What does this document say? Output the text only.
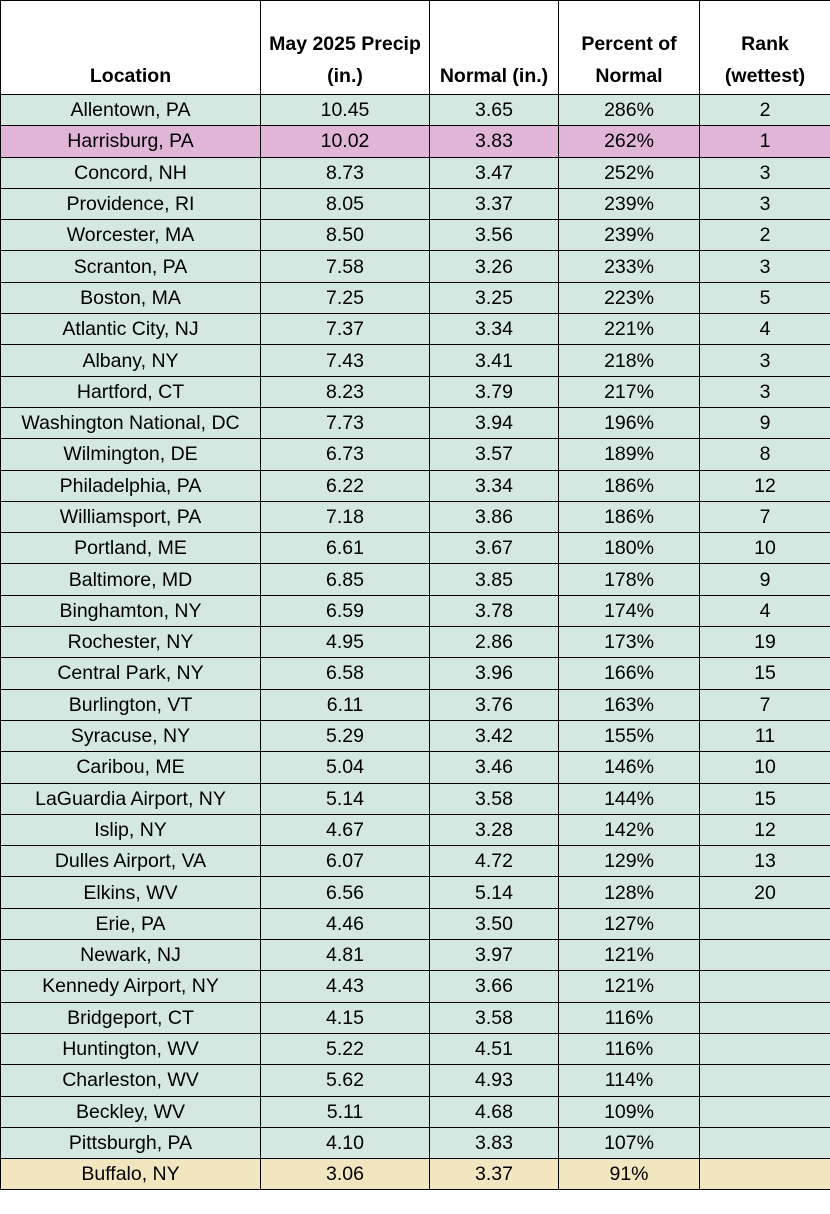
Location	May 2025 Precip (in.)	Normal (in.)	Percent of Normal	Rank (wettest)
Allentown, PA	10.45	3.65	286%	2
Harrisburg, PA	10.02	3.83	262%	1
Concord, NH	8.73	3.47	252%	3
Providence, RI	8.05	3.37	239%	3
Worcester, MA	8.50	3.56	239%	2
Scranton, PA	7.58	3.26	233%	3
Boston, MA	7.25	3.25	223%	5
Atlantic City, NJ	7.37	3.34	221%	4
Albany, NY	7.43	3.41	218%	3
Hartford, CT	8.23	3.79	217%	3
Washington National, DC	7.73	3.94	196%	9
Wilmington, DE	6.73	3.57	189%	8
Philadelphia, PA	6.22	3.34	186%	12
Williamsport, PA	7.18	3.86	186%	7
Portland, ME	6.61	3.67	180%	10
Baltimore, MD	6.85	3.85	178%	9
Binghamton, NY	6.59	3.78	174%	4
Rochester, NY	4.95	2.86	173%	19
Central Park, NY	6.58	3.96	166%	15
Burlington, VT	6.11	3.76	163%	7
Syracuse, NY	5.29	3.42	155%	11
Caribou, ME	5.04	3.46	146%	10
LaGuardia Airport, NY	5.14	3.58	144%	15
Islip, NY	4.67	3.28	142%	12
Dulles Airport, VA	6.07	4.72	129%	13
Elkins, WV	6.56	5.14	128%	20
Erie, PA	4.46	3.50	127%	
Newark, NJ	4.81	3.97	121%	
Kennedy Airport, NY	4.43	3.66	121%	
Bridgeport, CT	4.15	3.58	116%	
Huntington, WV	5.22	4.51	116%	
Charleston, WV	5.62	4.93	114%	
Beckley, WV	5.11	4.68	109%	
Pittsburgh, PA	4.10	3.83	107%	
Buffalo, NY	3.06	3.37	91%	
